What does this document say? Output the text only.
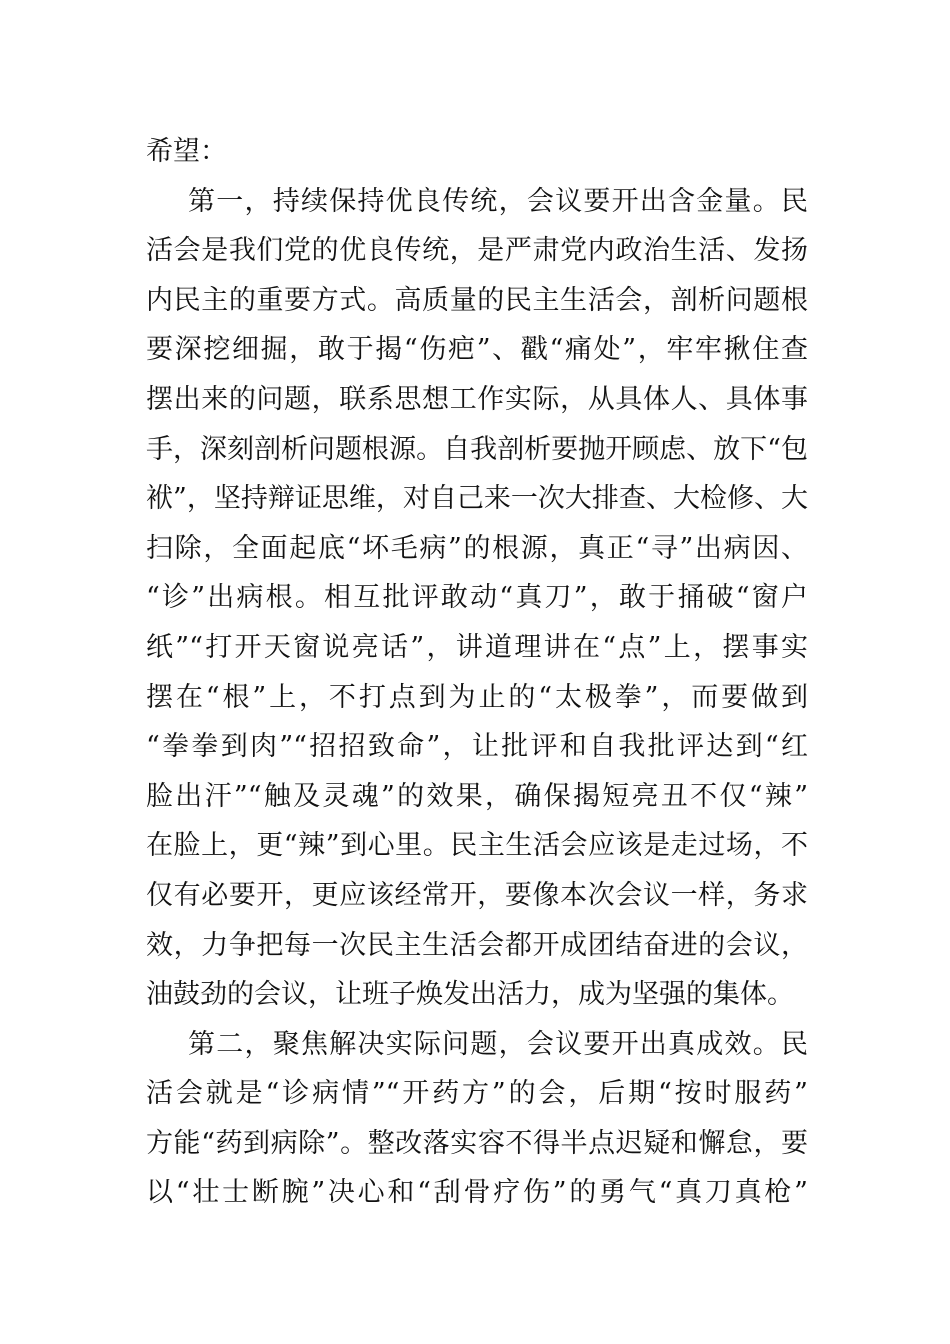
希望：
第一，持续保持优良传统，会议要开出含金量。民
活会是我们党的优良传统，是严肃党内政治生活、发扬
内民主的重要方式。高质量的民主生活会，剖析问题根
要深挖细掘，敢于揭“伤疤”、戳“痛处”，牢牢揪住查
摆出来的问题，联系思想工作实际，从具体人、具体事
手，深刻剖析问题根源。自我剖析要抛开顾虑、放下“包
袱”，坚持辩证思维，对自己来一次大排查、大检修、大
扫除，全面起底“坏毛病”的根源，真正“寻”出病因、
“诊”出病根。相互批评敢动“真刀”，敢于捅破“窗户
纸”“打开天窗说亮话”，讲道理讲在“点”上，摆事实
摆在“根”上，不打点到为止的“太极拳”，而要做到
“拳拳到肉”“招招致命”，让批评和自我批评达到“红
脸出汗”“触及灵魂”的效果，确保揭短亮丑不仅“辣”
在脸上，更“辣”到心里。民主生活会应该是走过场，不
仅有必要开，更应该经常开，要像本次会议一样，务求
效，力争把每一次民主生活会都开成团结奋进的会议，
油鼓劲的会议，让班子焕发出活力，成为坚强的集体。
第二，聚焦解决实际问题，会议要开出真成效。民
活会就是“诊病情”“开药方”的会，后期“按时服药”
方能“药到病除”。整改落实容不得半点迟疑和懈怠，要
以“壮士断腕”决心和“刮骨疗伤”的勇气“真刀真枪”
